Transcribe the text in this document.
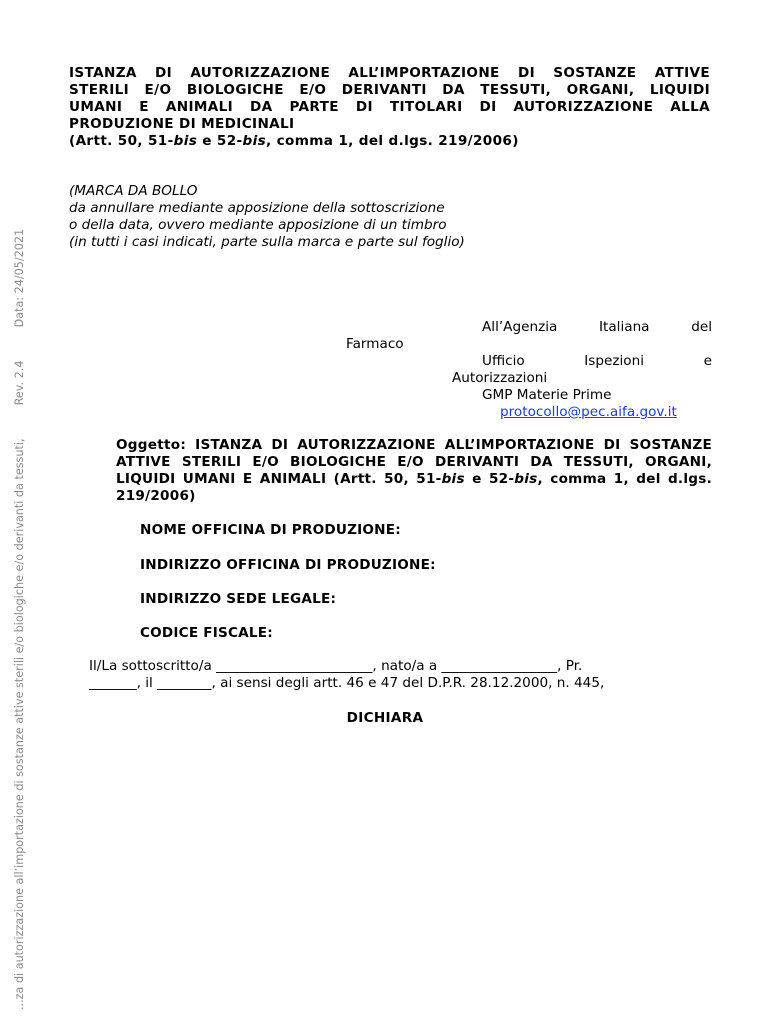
...za di autorizzazione all’importazione di sostanze attive sterili e/o biologiche e/o derivanti da tessuti,  Rev. 2.4  Data: 24/05/2021
ISTANZA DI AUTORIZZAZIONE ALL’IMPORTAZIONE DI SOSTANZE ATTIVE
STERILI E/O BIOLOGICHE E/O DERIVANTI DA TESSUTI, ORGANI, LIQUIDI
UMANI E ANIMALI DA PARTE DI TITOLARI DI AUTORIZZAZIONE ALLA
PRODUZIONE DI MEDICINALI
(Artt. 50, 51-bis e 52-bis, comma 1, del d.lgs. 219/2006)
(MARCA DA BOLLO
da annullare mediante apposizione della sottoscrizione
o della data, ovvero mediante apposizione di un timbro
(in tutti i casi indicati, parte sulla marca e parte sul foglio)
All’Agenzia	Italiana	del
Farmaco
Ufficio	Ispezioni	e
Autorizzazioni
GMP Materie Prime
protocollo@pec.aifa.gov.it
Oggetto: ISTANZA DI AUTORIZZAZIONE ALL’IMPORTAZIONE DI SOSTANZE ATTIVE STERILI E/O BIOLOGICHE E/O DERIVANTI DA TESSUTI, ORGANI, LIQUIDI UMANI E ANIMALI (Artt. 50, 51-bis e 52-bis, comma 1, del d.lgs. 219/2006)
NOME OFFICINA DI PRODUZIONE:
INDIRIZZO OFFICINA DI PRODUZIONE:
INDIRIZZO SEDE LEGALE:
CODICE FISCALE:
Il/La sottoscritto/a _______________________, nato/a a _________________, Pr.
_______, il ________, ai sensi degli artt. 46 e 47 del D.P.R. 28.12.2000, n. 445,
DICHIARA
